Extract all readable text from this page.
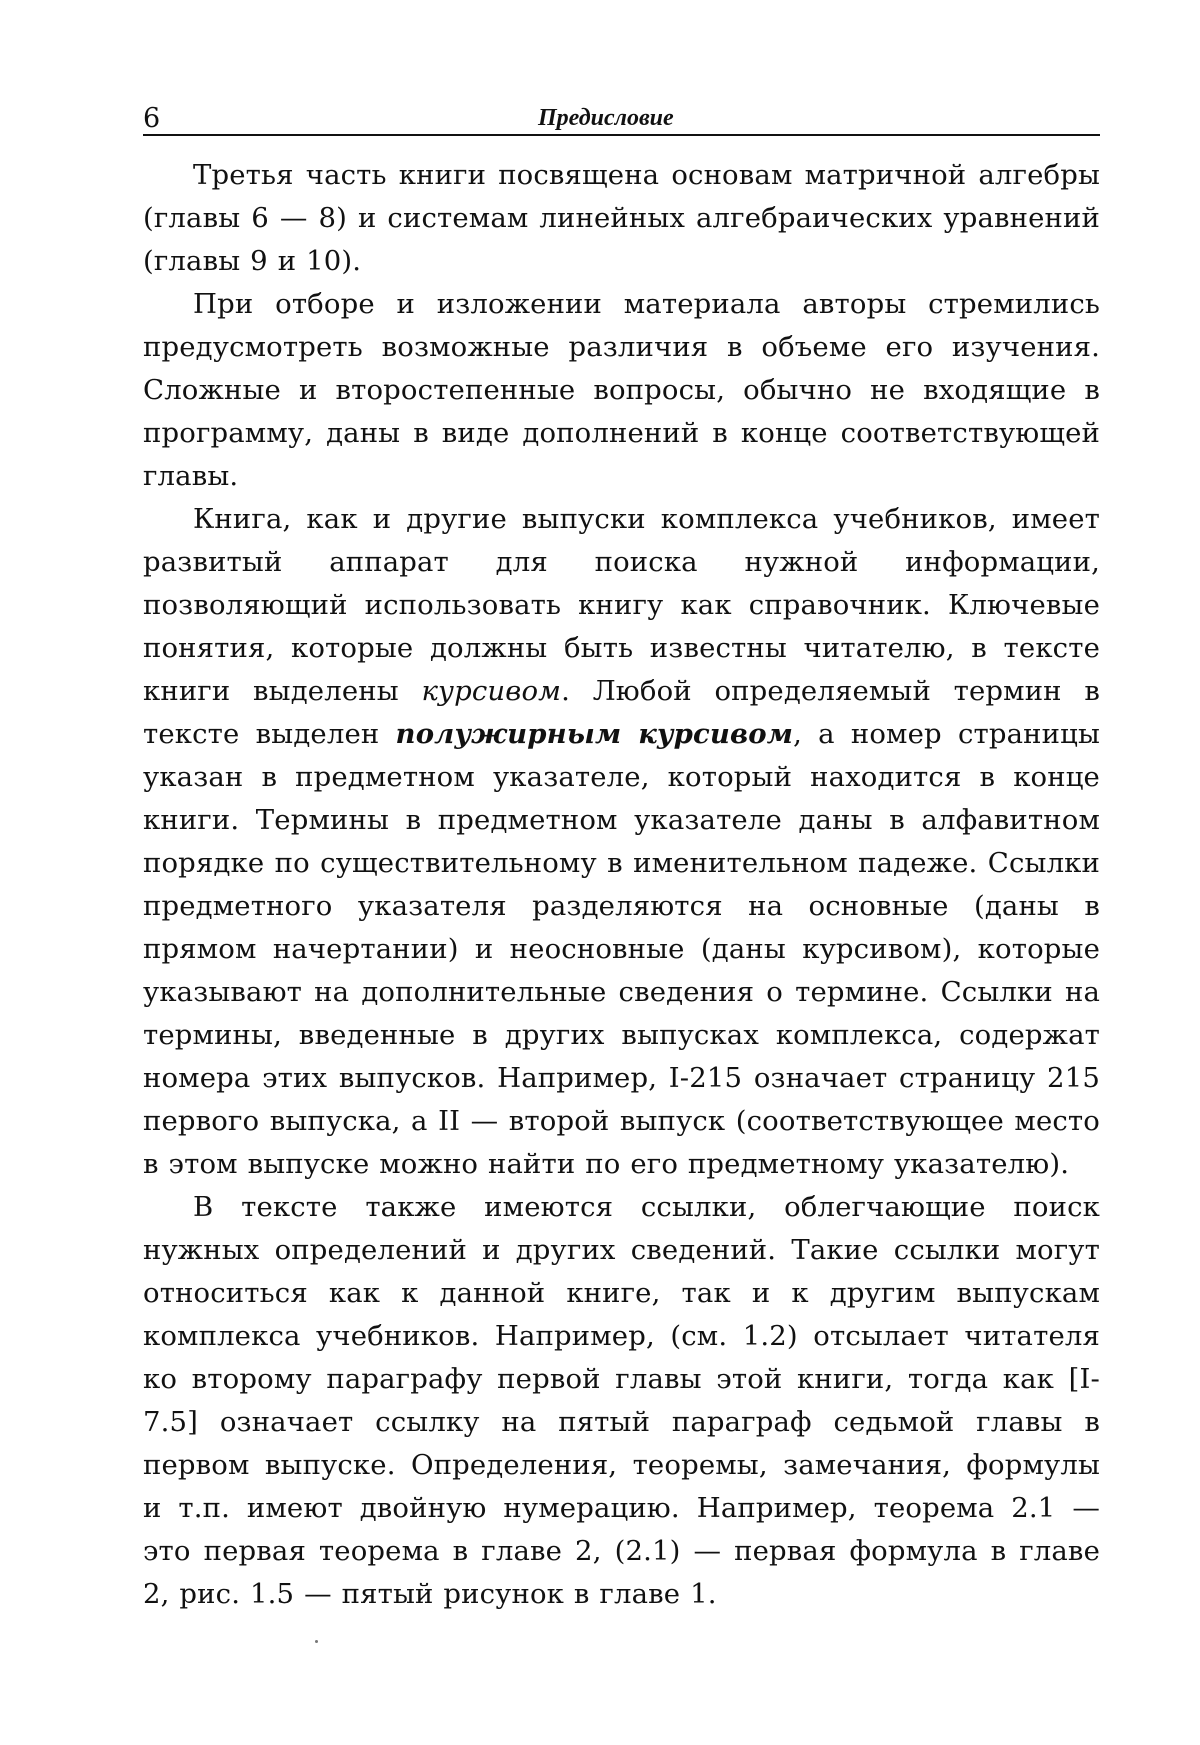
6	Предисловие

Третья часть книги посвящена основам матричной алгебры (главы 6 — 8) и системам линейных алгебраических уравнений (главы 9 и 10).

При отборе и изложении материала авторы стремились предусмотреть возможные различия в объеме его изучения. Сложные и второстепенные вопросы, обычно не входящие в программу, даны в виде дополнений в конце соответствующей главы.

Книга, как и другие выпуски комплекса учебников, имеет развитый аппарат для поиска нужной информации, позволяющий использовать книгу как справочник. Ключевые понятия, которые должны быть известны читателю, в тексте книги выделены курсивом. Любой определяемый термин в тексте выделен полужирным курсивом, а номер страницы указан в предметном указателе, который находится в конце книги. Термины в предметном указателе даны в алфавитном порядке по существительному в именительном падеже. Ссылки предметного указателя разделяются на основные (даны в прямом начертании) и неосновные (даны курсивом), которые указывают на дополнительные сведения о термине. Ссылки на термины, введенные в других выпусках комплекса, содержат номера этих выпусков. Например, I-215 означает страницу 215 первого выпуска, а II — второй выпуск (соответствующее место в этом выпуске можно найти по его предметному указателю).

В тексте также имеются ссылки, облегчающие поиск нужных определений и других сведений. Такие ссылки могут относиться как к данной книге, так и к другим выпускам комплекса учебников. Например, (см. 1.2) отсылает читателя ко второму параграфу первой главы этой книги, тогда как [I-7.5] означает ссылку на пятый параграф седьмой главы в первом выпуске. Определения, теоремы, замечания, формулы и т.п. имеют двойную нумерацию. Например, теорема 2.1 — это первая теорема в главе 2, (2.1) — первая формула в главе 2, рис. 1.5 — пятый рисунок в главе 1.
